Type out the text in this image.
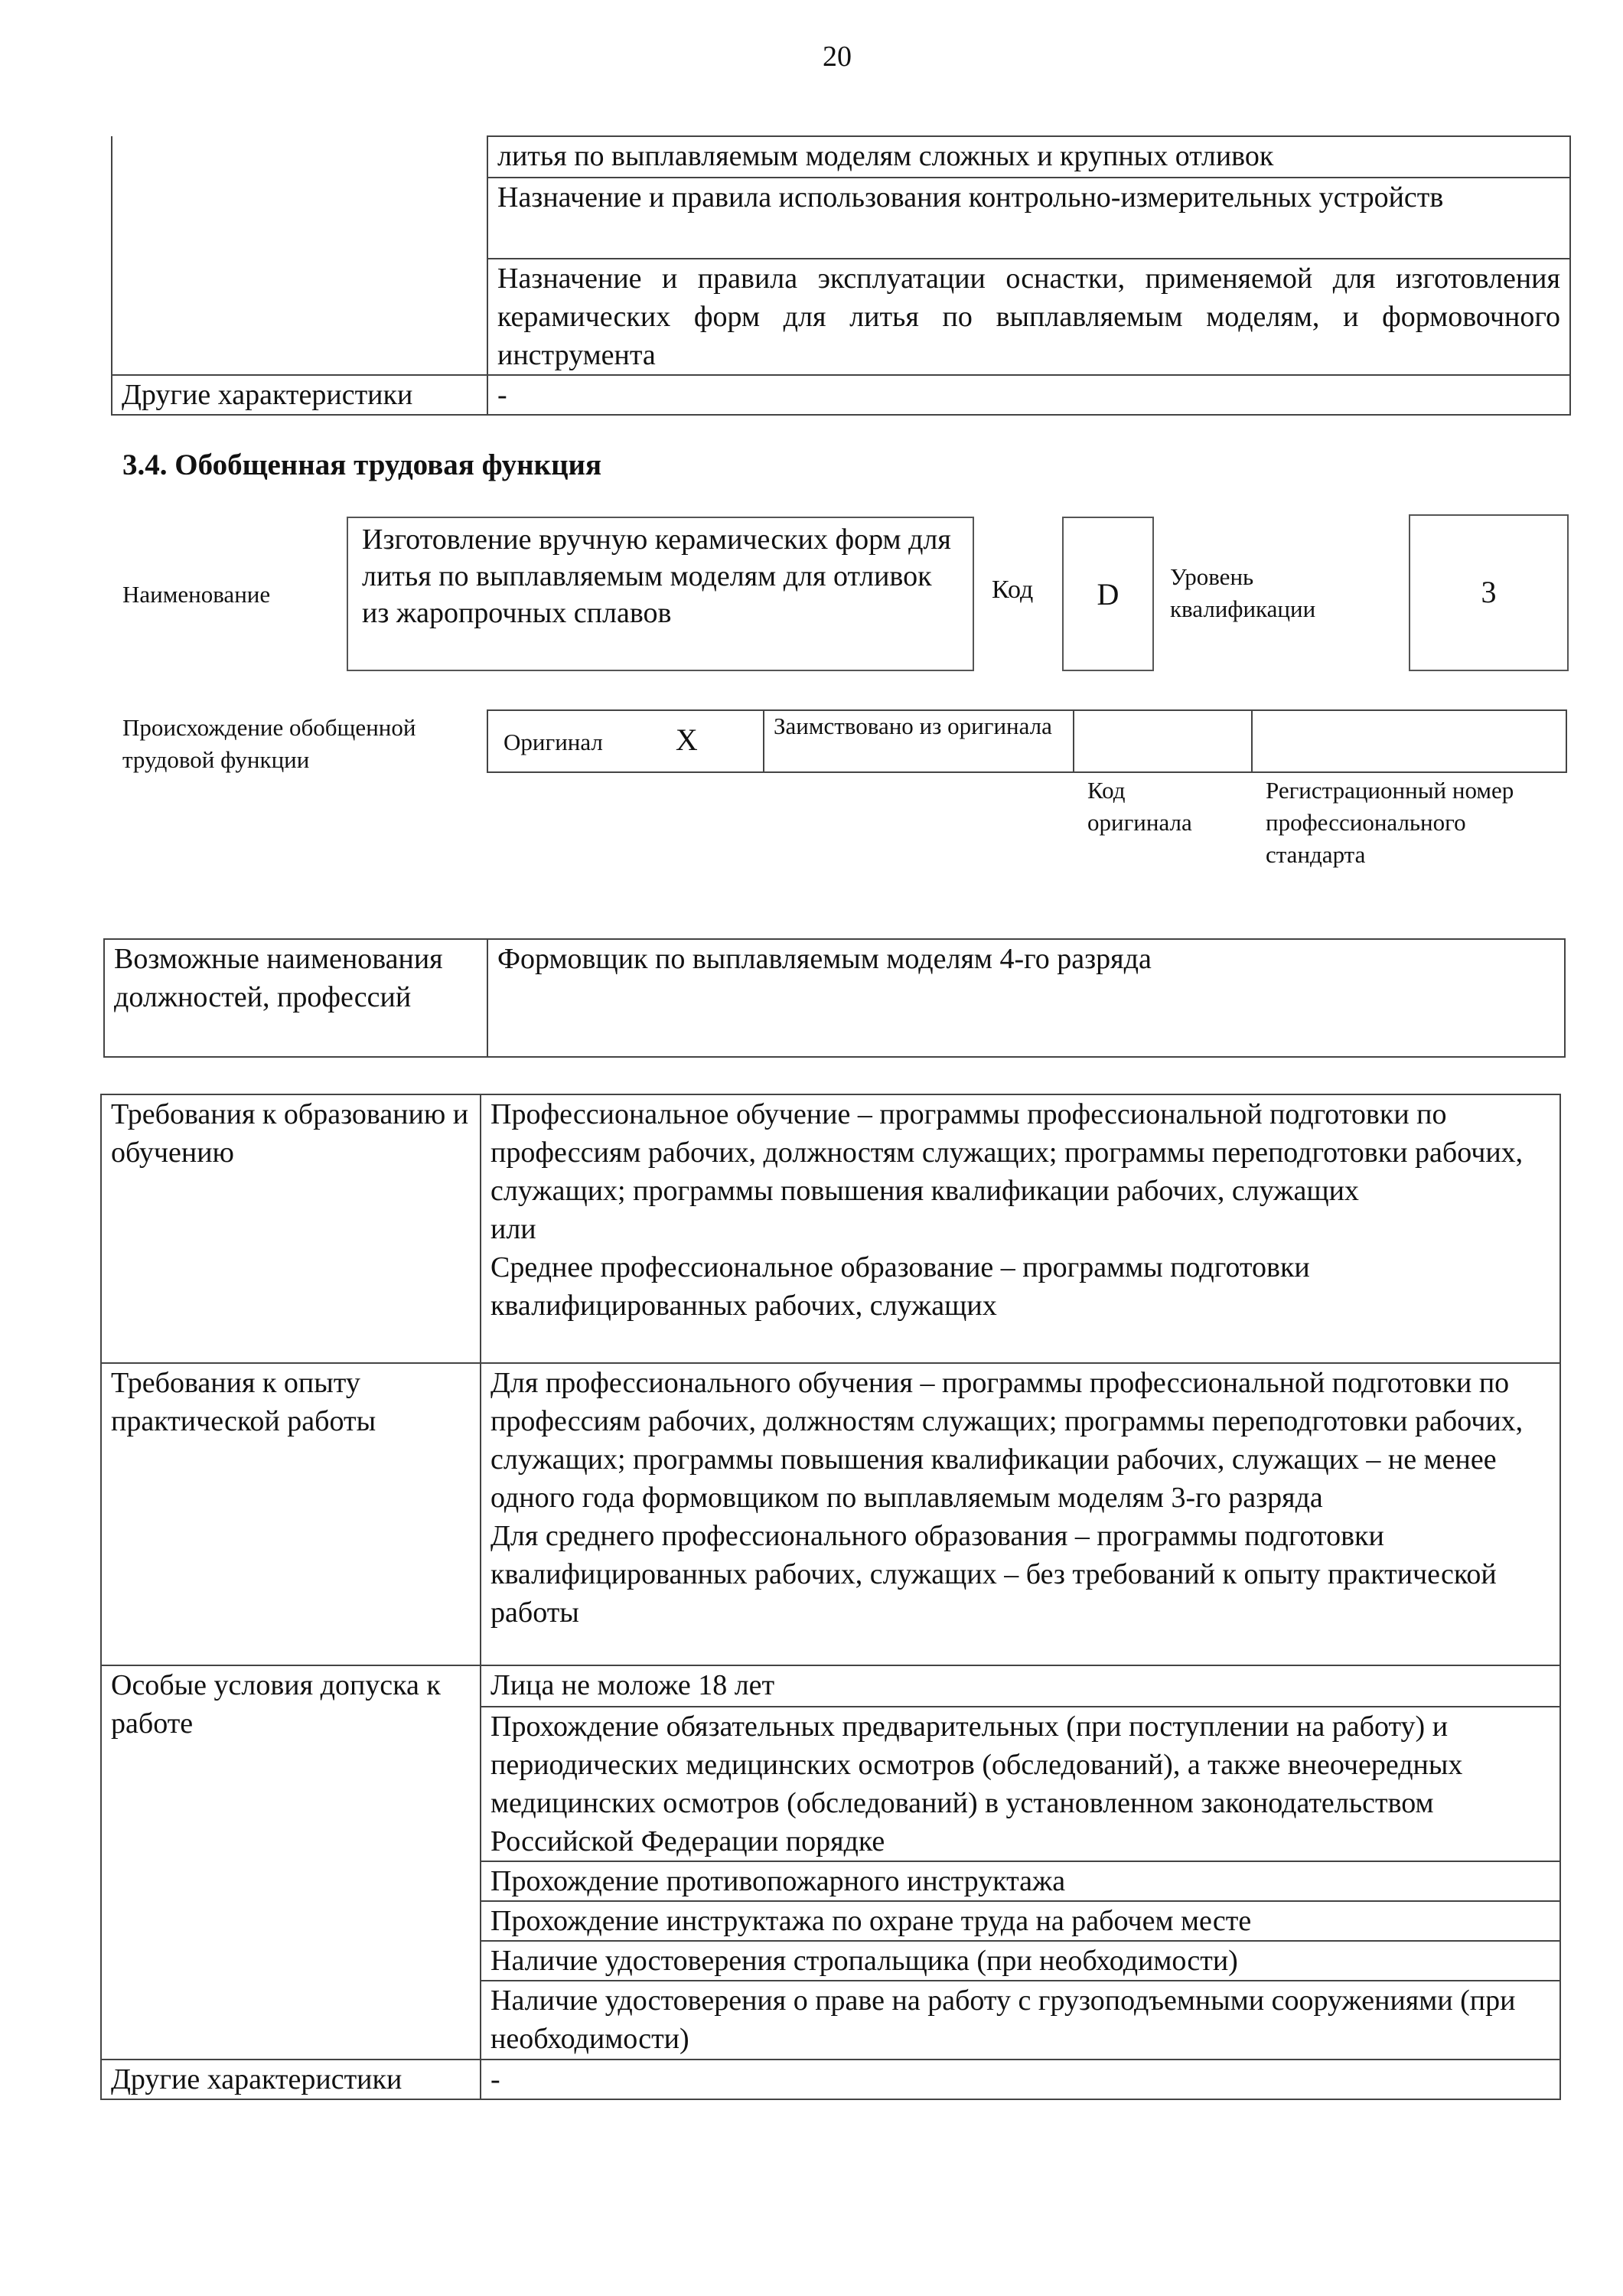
20
	литья по выплавляемым моделям сложных и крупных отливок
	Назначение и правила использования контрольно-измерительных устройств
	Назначение и правила эксплуатации оснастки, применяемой для изготовления керамических форм для литья по выплавляемым моделям, и формовочного инструмента
Другие характеристики	-
3.4. Обобщенная трудовая функция
Наименование
Изготовление вручную керамических форм для литья по выплавляемым моделям для отливок из жаропрочных сплавов
Код	D
Уровень квалификации	3
Происхождение обобщенной трудовой функции
Оригинал X	Заимствовано из оригинала		
Код оригинала
Регистрационный номер профессионального стандарта
Возможные наименования должностей, профессий	Формовщик по выплавляемым моделям 4-го разряда
Требования к образованию и обучению	Профессиональное обучение – программы профессиональной подготовки по профессиям рабочих, должностям служащих; программы переподготовки рабочих, служащих; программы повышения квалификации рабочих, служащих
или
Среднее профессиональное образование – программы подготовки квалифицированных рабочих, служащих

Требования к опыту практической работы	Для профессионального обучения – программы профессиональной подготовки по профессиям рабочих, должностям служащих; программы переподготовки рабочих, служащих; программы повышения квалификации рабочих, служащих – не менее одного года формовщиком по выплавляемым моделям 3-го разряда
Для среднего профессионального образования – программы подготовки квалифицированных рабочих, служащих – без требований к опыту практической работы

Особые условия допуска к работе	Лица не моложе 18 лет
	Прохождение обязательных предварительных (при поступлении на работу) и периодических медицинских осмотров (обследований), а также внеочередных медицинских осмотров (обследований) в установленном законодательством Российской Федерации порядке
	Прохождение противопожарного инструктажа
	Прохождение инструктажа по охране труда на рабочем месте
	Наличие удостоверения стропальщика (при необходимости)
	Наличие удостоверения о праве на работу с грузоподъемными сооружениями (при необходимости)
Другие характеристики	-
